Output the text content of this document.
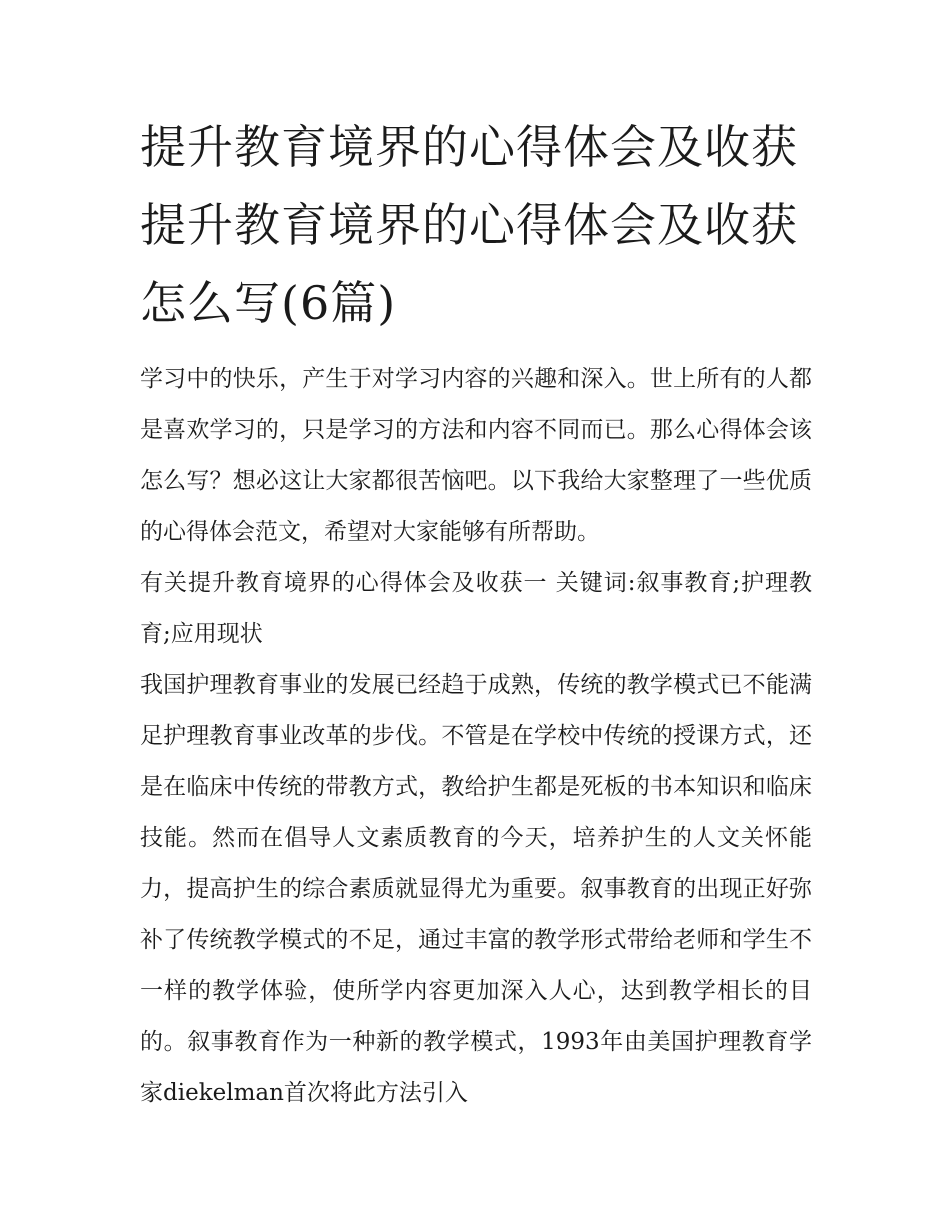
提升教育境界的心得体会及收获 提升教育境界的心得体会及收获怎么写(6篇)

学习中的快乐，产生于对学习内容的兴趣和深入。世上所有的人都是喜欢学习的，只是学习的方法和内容不同而已。那么心得体会该怎么写？想必这让大家都很苦恼吧。以下我给大家整理了一些优质的心得体会范文，希望对大家能够有所帮助。

有关提升教育境界的心得体会及收获一 关键词:叙事教育;护理教育;应用现状

我国护理教育事业的发展已经趋于成熟，传统的教学模式已不能满足护理教育事业改革的步伐。不管是在学校中传统的授课方式，还是在临床中传统的带教方式，教给护生都是死板的书本知识和临床技能。然而在倡导人文素质教育的今天，培养护生的人文关怀能力，提高护生的综合素质就显得尤为重要。叙事教育的出现正好弥补了传统教学模式的不足，通过丰富的教学形式带给老师和学生不一样的教学体验，使所学内容更加深入人心，达到教学相长的目的。叙事教育作为一种新的教学模式，1993年由美国护理教育学家diekelman首次将此方法引入
